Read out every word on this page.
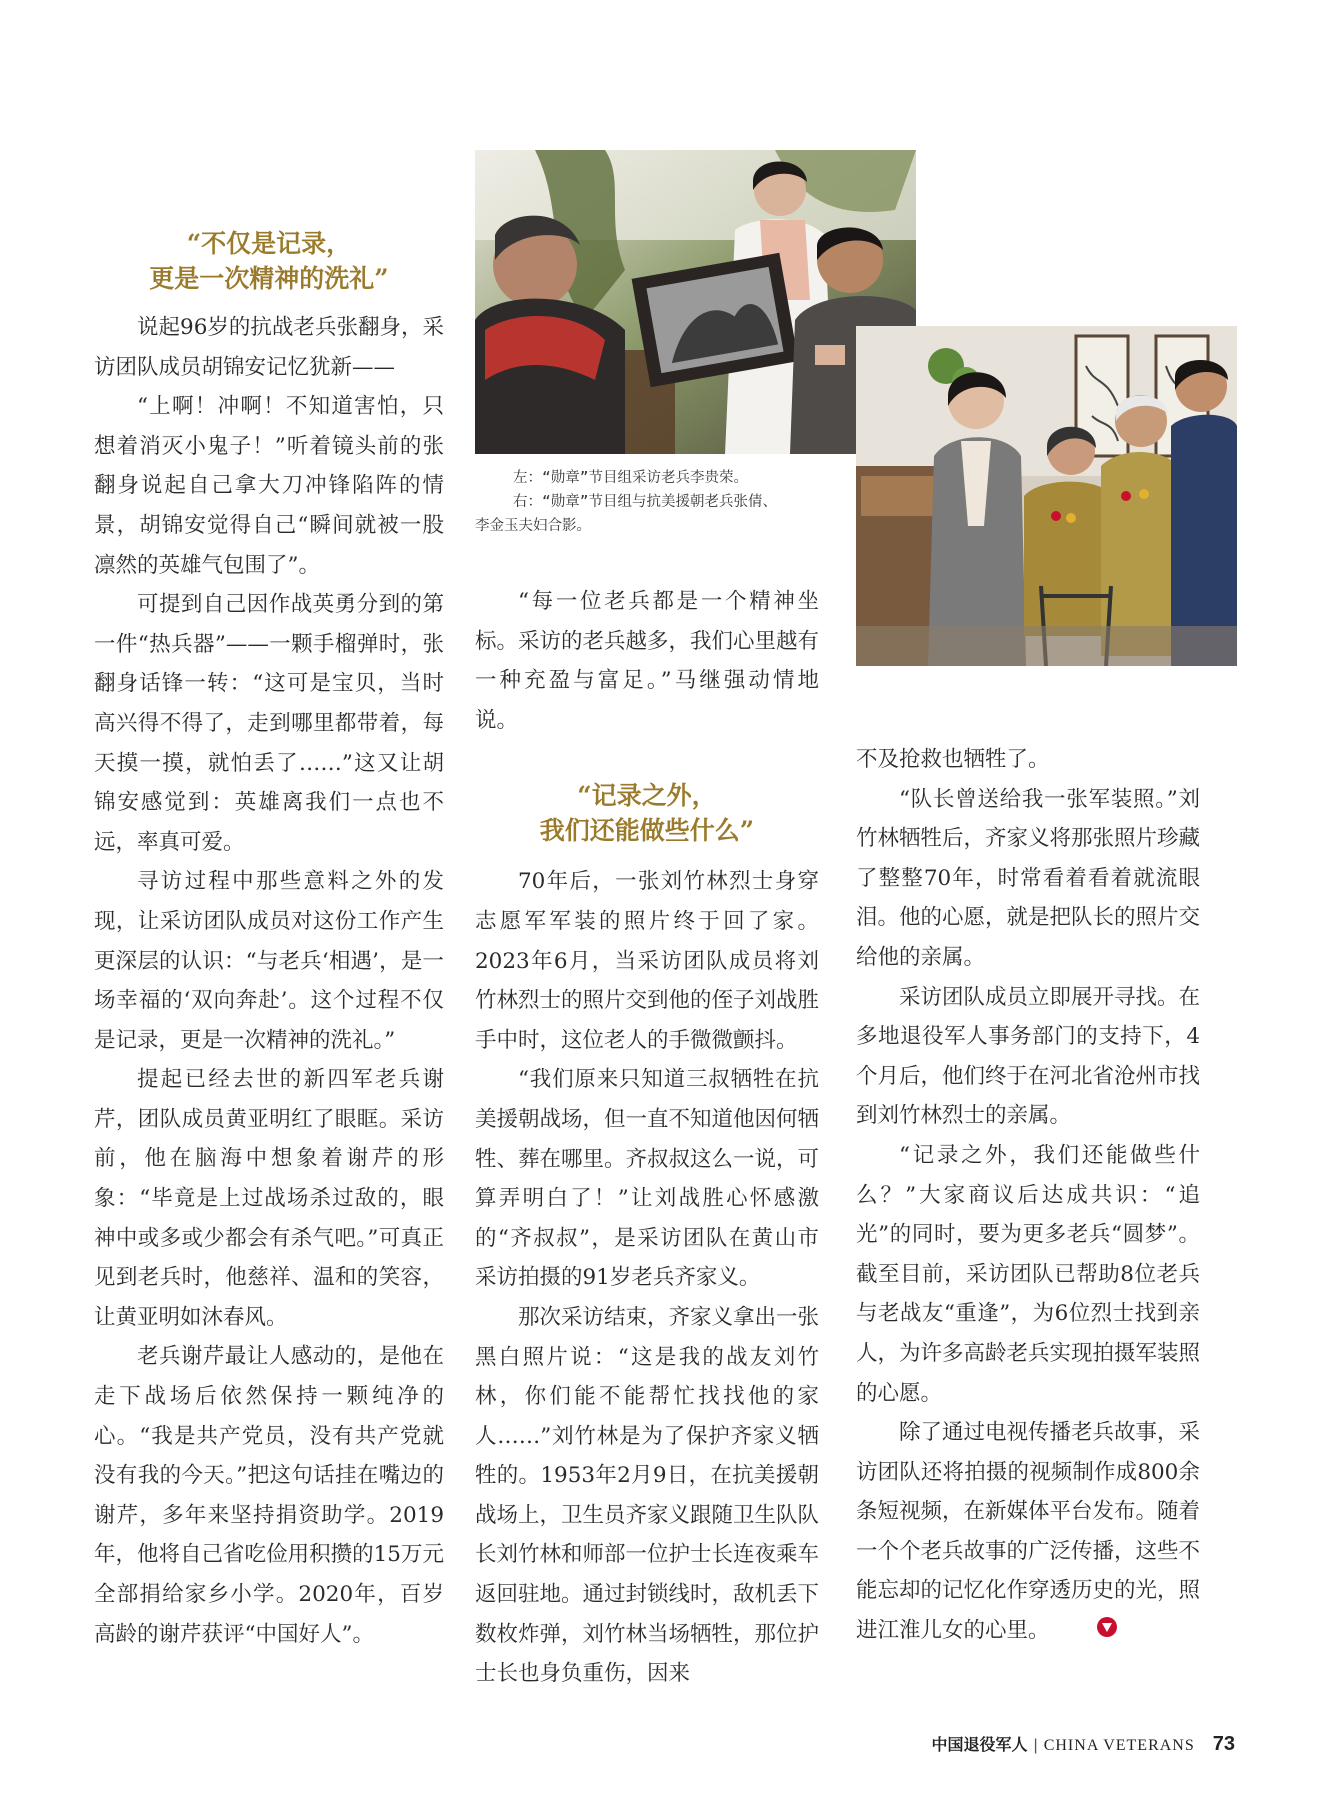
“不仅是记录，
更是一次精神的洗礼”

说起96岁的抗战老兵张翻身，采访团队成员胡锦安记忆犹新——

“上啊！冲啊！不知道害怕，只想着消灭小鬼子！”听着镜头前的张翻身说起自己拿大刀冲锋陷阵的情景，胡锦安觉得自己“瞬间就被一股凛然的英雄气包围了”。

可提到自己因作战英勇分到的第一件“热兵器”——一颗手榴弹时，张翻身话锋一转：“这可是宝贝，当时高兴得不得了，走到哪里都带着，每天摸一摸，就怕丢了……”这又让胡锦安感觉到：英雄离我们一点也不远，率真可爱。

寻访过程中那些意料之外的发现，让采访团队成员对这份工作产生更深层的认识：“与老兵‘相遇’，是一场幸福的‘双向奔赴’。这个过程不仅是记录，更是一次精神的洗礼。”

提起已经去世的新四军老兵谢芹，团队成员黄亚明红了眼眶。采访前，他在脑海中想象着谢芹的形象：“毕竟是上过战场杀过敌的，眼神中或多或少都会有杀气吧。”可真正见到老兵时，他慈祥、温和的笑容，让黄亚明如沐春风。

老兵谢芹最让人感动的，是他在走下战场后依然保持一颗纯净的心。“我是共产党员，没有共产党就没有我的今天。”把这句话挂在嘴边的谢芹，多年来坚持捐资助学。2019年，他将自己省吃俭用积攒的15万元全部捐给家乡小学。2020年，百岁高龄的谢芹获评“中国好人”。

左：“勋章”节目组采访老兵李贵荣。
右：“勋章”节目组与抗美援朝老兵张倩、
李金玉夫妇合影。

“每一位老兵都是一个精神坐标。采访的老兵越多，我们心里越有一种充盈与富足。”马继强动情地说。

“记录之外，
我们还能做些什么”

70年后，一张刘竹林烈士身穿志愿军军装的照片终于回了家。2023年6月，当采访团队成员将刘竹林烈士的照片交到他的侄子刘战胜手中时，这位老人的手微微颤抖。

“我们原来只知道三叔牺牲在抗美援朝战场，但一直不知道他因何牺牲、葬在哪里。齐叔叔这么一说，可算弄明白了！”让刘战胜心怀感激的“齐叔叔”，是采访团队在黄山市采访拍摄的91岁老兵齐家义。

那次采访结束，齐家义拿出一张黑白照片说：“这是我的战友刘竹林，你们能不能帮忙找找他的家人……”刘竹林是为了保护齐家义牺牲的。1953年2月9日，在抗美援朝战场上，卫生员齐家义跟随卫生队队长刘竹林和师部一位护士长连夜乘车返回驻地。通过封锁线时，敌机丢下数枚炸弹，刘竹林当场牺牲，那位护士长也身负重伤，因来

不及抢救也牺牲了。

“队长曾送给我一张军装照。”刘竹林牺牲后，齐家义将那张照片珍藏了整整70年，时常看着看着就流眼泪。他的心愿，就是把队长的照片交给他的亲属。

采访团队成员立即展开寻找。在多地退役军人事务部门的支持下，4个月后，他们终于在河北省沧州市找到刘竹林烈士的亲属。

“记录之外，我们还能做些什么？”大家商议后达成共识：“追光”的同时，要为更多老兵“圆梦”。截至目前，采访团队已帮助8位老兵与老战友“重逢”，为6位烈士找到亲人，为许多高龄老兵实现拍摄军装照的心愿。

除了通过电视传播老兵故事，采访团队还将拍摄的视频制作成800余条短视频，在新媒体平台发布。随着一个个老兵故事的广泛传播，这些不能忘却的记忆化作穿透历史的光，照进江淮儿女的心里。

中国退役军人 | CHINA VETERANS 73
